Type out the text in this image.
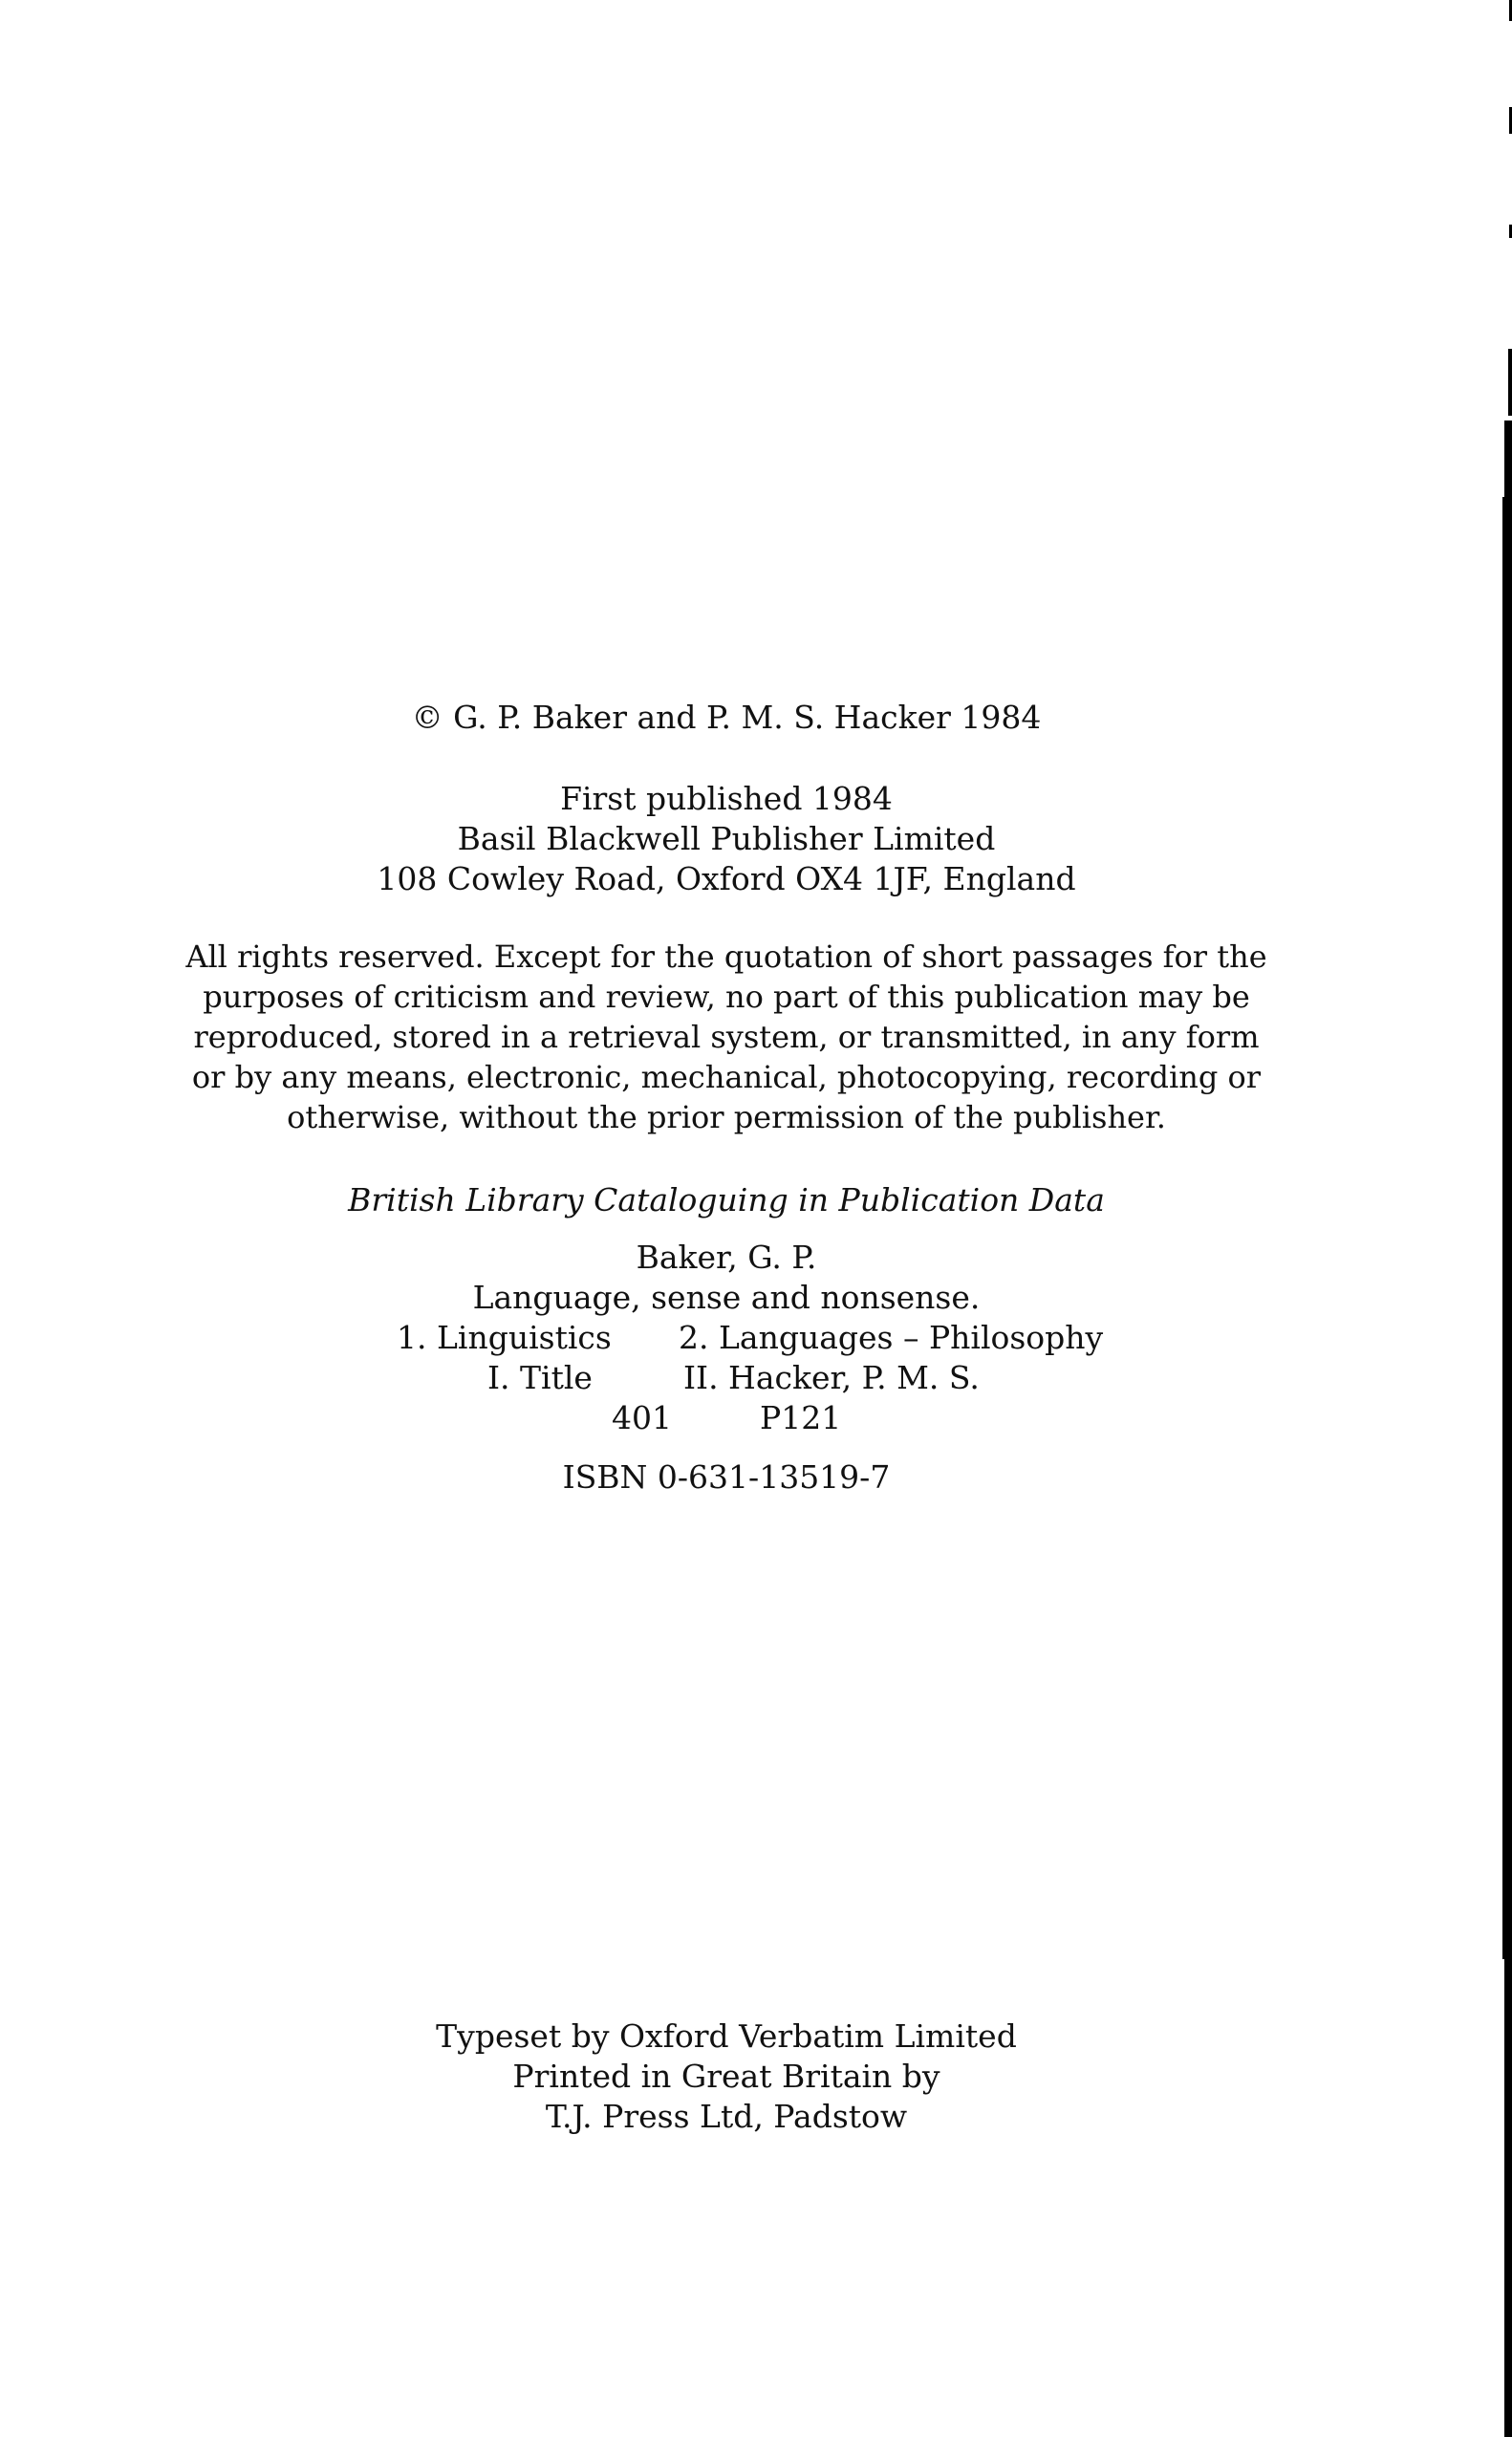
© G. P. Baker and P. M. S. Hacker 1984
First published 1984
Basil Blackwell Publisher Limited
108 Cowley Road, Oxford OX4 1JF, England
All rights reserved. Except for the quotation of short passages for the
purposes of criticism and review, no part of this publication may be
reproduced, stored in a retrieval system, or transmitted, in any form
or by any means, electronic, mechanical, photocopying, recording or
otherwise, without the prior permission of the publisher.
British Library Cataloguing in Publication Data
Baker, G. P.
Language, sense and nonsense.
1. Linguistics 2. Languages – Philosophy
I. Title	II. Hacker, P. M. S.
401	P121
ISBN 0-631-13519-7
Typeset by Oxford Verbatim Limited
Printed in Great Britain by
T.J. Press Ltd, Padstow
